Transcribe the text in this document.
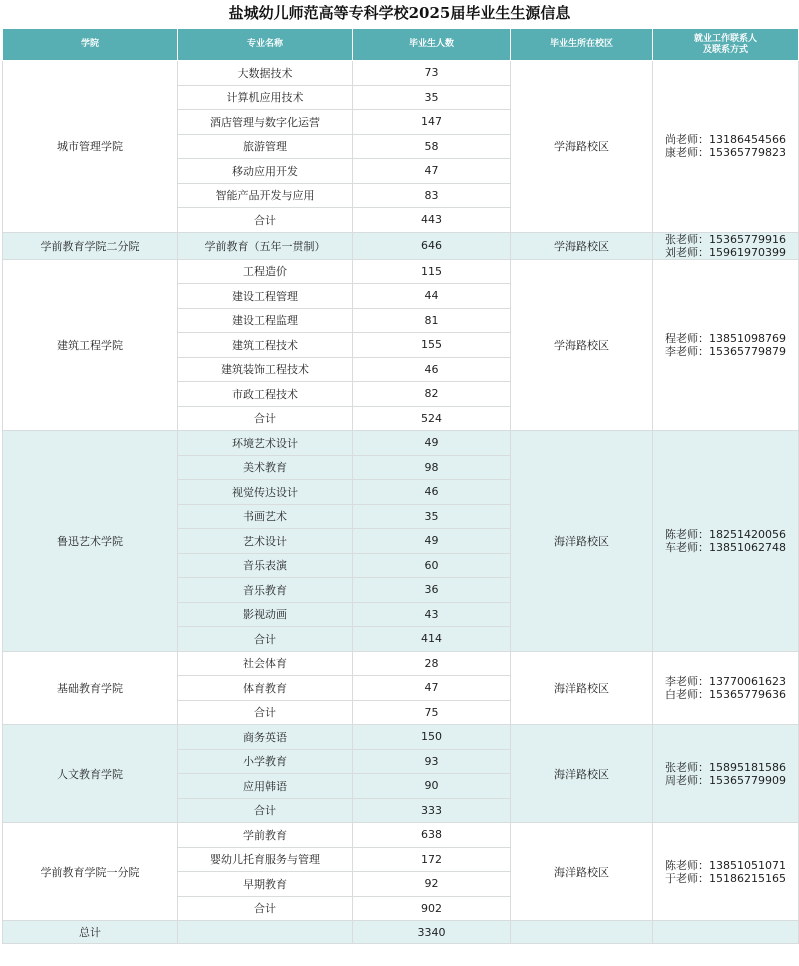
盐城幼儿师范高等专科学校2025届毕业生生源信息
学院	专业名称	毕业生人数	毕业生所在校区	就业工作联系人
及联系方式

城市管理学院	大数据技术	73	学海路校区	尚老师：13186454566
康老师：15365779823

	计算机应用技术	35		
	酒店管理与数字化运营	147		
	旅游管理	58		
	移动应用开发	47		
	智能产品开发与应用	83		
	合计	443		
学前教育学院二分院	学前教育（五年一贯制）	646	学海路校区	张老师：15365779916
刘老师：15961970399

建筑工程学院	工程造价	115	学海路校区	程老师：13851098769
李老师：15365779879

	建设工程管理	44		
	建设工程监理	81		
	建筑工程技术	155		
	建筑装饰工程技术	46		
	市政工程技术	82		
	合计	524		
鲁迅艺术学院	环境艺术设计	49	海洋路校区	陈老师：18251420056
车老师：13851062748

	美术教育	98		
	视觉传达设计	46		
	书画艺术	35		
	艺术设计	49		
	音乐表演	60		
	音乐教育	36		
	影视动画	43		
	合计	414		
基础教育学院	社会体育	28	海洋路校区	李老师：13770061623
白老师：15365779636

	体育教育	47		
	合计	75		
人文教育学院	商务英语	150	海洋路校区	张老师：15895181586
周老师：15365779909

	小学教育	93		
	应用韩语	90		
	合计	333		
学前教育学院一分院	学前教育	638	海洋路校区	陈老师：13851051071
于老师：15186215165

	婴幼儿托育服务与管理	172		
	早期教育	92		
	合计	902		
总计		3340		
